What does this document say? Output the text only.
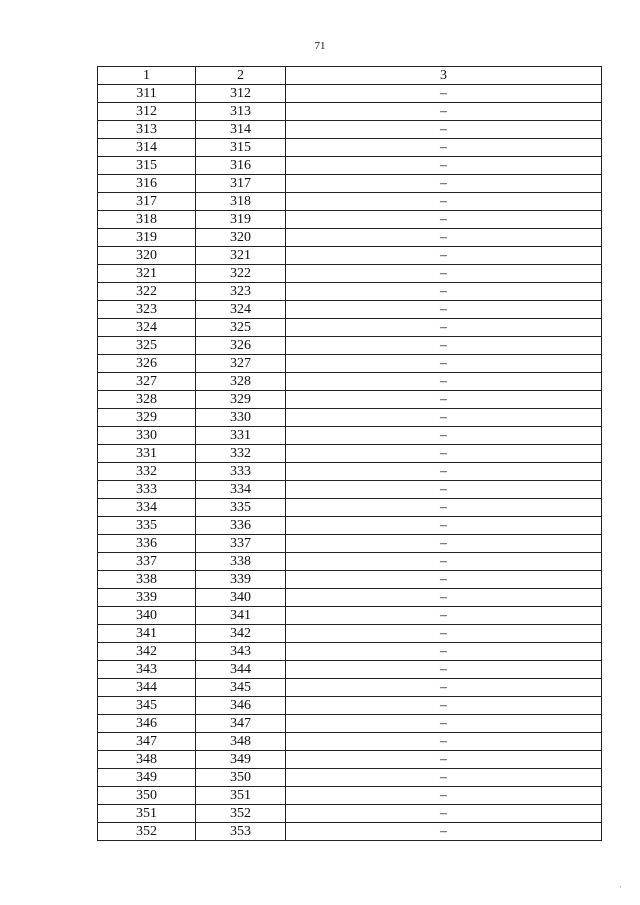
71
1	2	3
311	312	–
312	313	–
313	314	–
314	315	–
315	316	–
316	317	–
317	318	–
318	319	–
319	320	–
320	321	–
321	322	–
322	323	–
323	324	–
324	325	–
325	326	–
326	327	–
327	328	–
328	329	–
329	330	–
330	331	–
331	332	–
332	333	–
333	334	–
334	335	–
335	336	–
336	337	–
337	338	–
338	339	–
339	340	–
340	341	–
341	342	–
342	343	–
343	344	–
344	345	–
345	346	–
346	347	–
347	348	–
348	349	–
349	350	–
350	351	–
351	352	–
352	353	–
'
